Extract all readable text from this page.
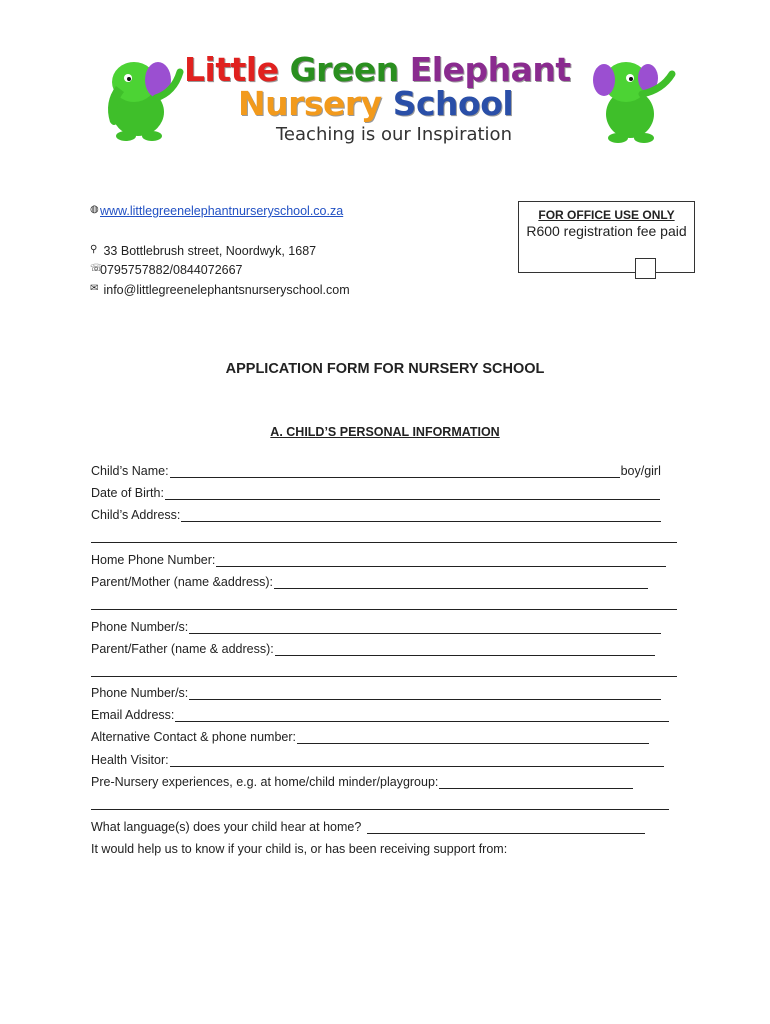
Little Green Elephant
Nursery School
Teaching is our Inspiration
◍www.littlegreenelephantnurseryschool.co.za
⚲ 33 Bottlebrush street, Noordwyk, 1687
☏0795757882/0844072667
✉ info@littlegreenelephantsnurseryschool.com
FOR OFFICE USE ONLY
R600 registration fee paid
APPLICATION FORM FOR NURSERY SCHOOL
A. CHILD’S PERSONAL INFORMATION
Child’s Name:	boy/girl
Date of Birth:
Child’s Address:
Home Phone Number:
Parent/Mother (name &address):
Phone Number/s:
Parent/Father (name & address):
Phone Number/s:
Email Address:
Alternative Contact & phone number:
Health Visitor:
Pre-Nursery experiences, e.g. at home/child minder/playgroup:
What language(s) does your child hear at home?
It would help us to know if your child is, or has been receiving support from:
